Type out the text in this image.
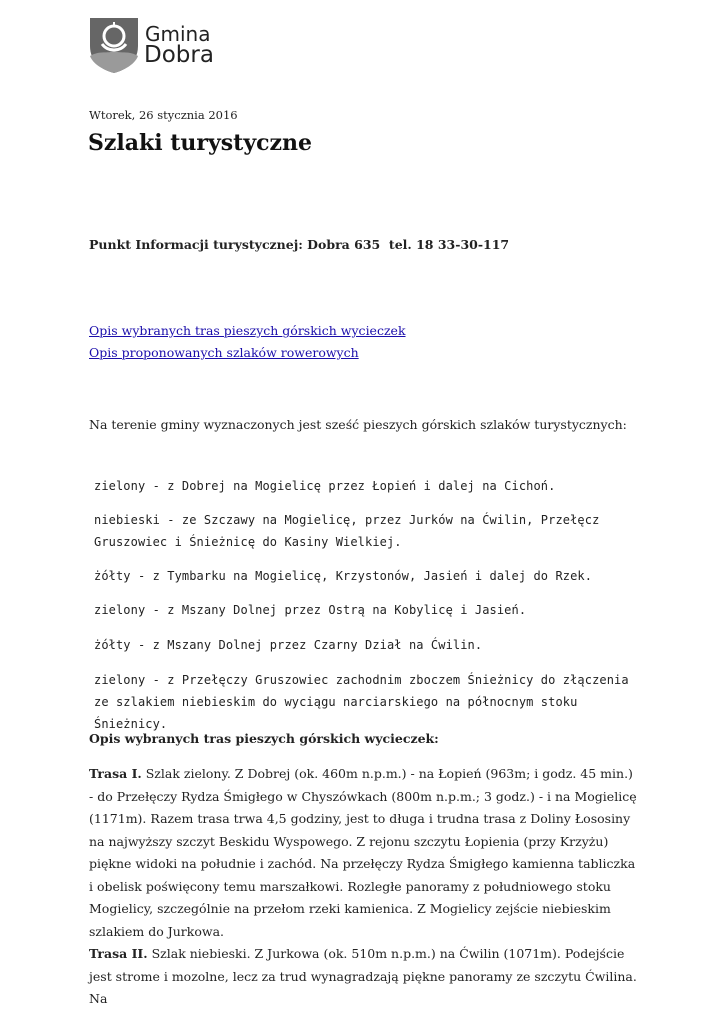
Gmina
Dobra
Wtorek, 26 stycznia 2016
Szlaki turystyczne
Punkt Informacji turystycznej: Dobra 635  tel. 18 33-30-117
Opis wybranych tras pieszych górskich wycieczek
Opis proponowanych szlaków rowerowych
Na terenie gminy wyznaczonych jest sześć pieszych górskich szlaków turystycznych:
zielony - z Dobrej na Mogielicę przez Łopień i dalej na Cichoń.
niebieski - ze Szczawy na Mogielicę, przez Jurków na Ćwilin, Przełęcz Gruszowiec i Śnieżnicę do Kasiny Wielkiej.
żółty - z Tymbarku na Mogielicę, Krzystonów, Jasień i dalej do Rzek.
zielony - z Mszany Dolnej przez Ostrą na Kobylicę i Jasień.
żółty - z Mszany Dolnej przez Czarny Dział na Ćwilin.
zielony - z Przełęczy Gruszowiec zachodnim zboczem Śnieżnicy do złączenia ze szlakiem niebieskim do wyciągu narciarskiego na północnym stoku Śnieżnicy.
Opis wybranych tras pieszych górskich wycieczek:
Trasa I. Szlak zielony. Z Dobrej (ok. 460m n.p.m.) - na Łopień (963m; i godz. 45 min.) - do Przełęczy Rydza Śmigłego w Chyszówkach (800m n.p.m.; 3 godz.) - i na Mogielicę (1171m). Razem trasa trwa 4,5 godziny, jest to długa i trudna trasa z Doliny Łososiny na najwyższy szczyt Beskidu Wyspowego. Z rejonu szczytu Łopienia (przy Krzyżu) piękne widoki na południe i zachód. Na przełęczy Rydza Śmigłego kamienna tabliczka i obelisk poświęcony temu marszałkowi. Rozległe panoramy z południowego stoku Mogielicy, szczególnie na przełom rzeki kamienica. Z Mogielicy zejście niebieskim szlakiem do Jurkowa.
Trasa II. Szlak niebieski. Z Jurkowa (ok. 510m n.p.m.) na Ćwilin (1071m). Podejście jest strome i mozolne, lecz za trud wynagradzają piękne panoramy ze szczytu Ćwilina. Na
